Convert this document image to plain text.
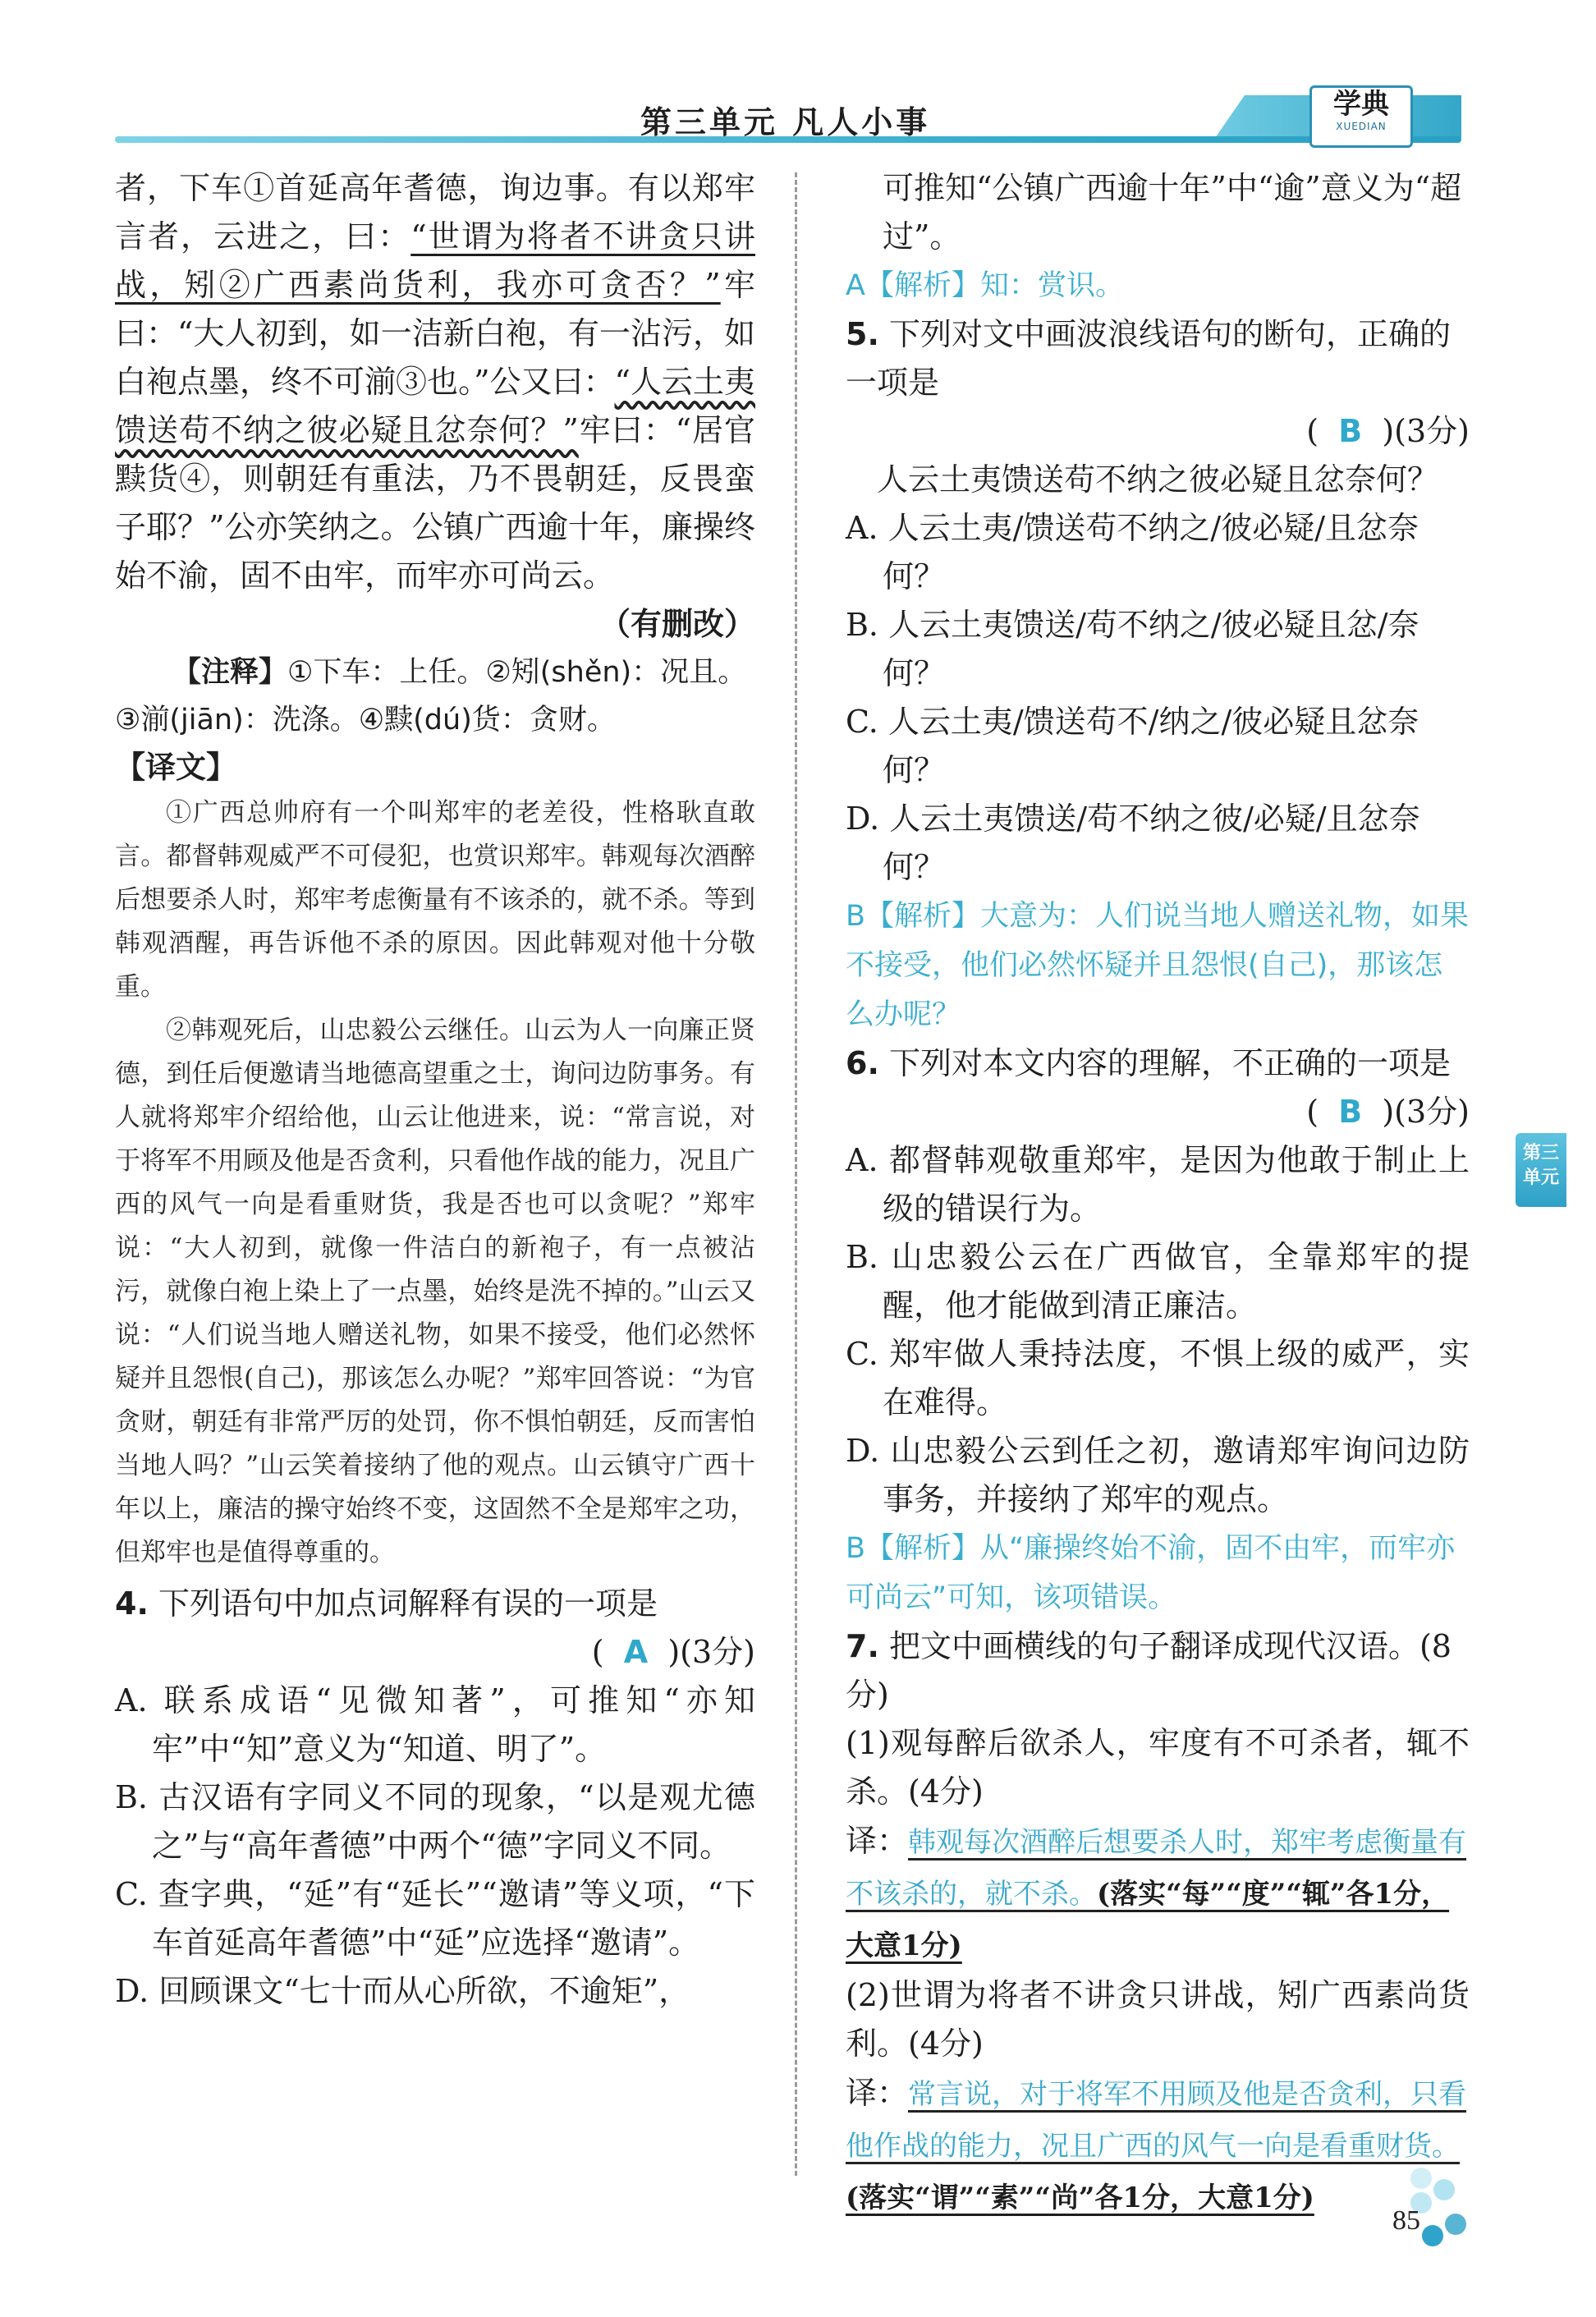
第三单元 凡人小事	学典
XUEDIAN

者，下车①首延高年耆德，询边事。有以郑牢言者，云进之，曰：“世谓为将者不讲贪只讲战，矧②广西素尚货利，我亦可贪否？”牢曰：“大人初到，如一洁新白袍，有一沾污，如白袍点墨，终不可湔③也。”公又曰：“人云土夷馈送苟不纳之彼必疑且忿奈何？”牢曰：“居官黩货④，则朝廷有重法，乃不畏朝廷，反畏蛮子耶？”公亦笑纳之。公镇广西逾十年，廉操终始不渝，固不由牢，而牢亦可尚云。

（有删改）

【注释】①下车：上任。②矧(shěn)：况且。③湔(jiān)：洗涤。④黩(dú)货：贪财。

【译文】

①广西总帅府有一个叫郑牢的老差役，性格耿直敢言。都督韩观威严不可侵犯，也赏识郑牢。韩观每次酒醉后想要杀人时，郑牢考虑衡量有不该杀的，就不杀。等到韩观酒醒，再告诉他不杀的原因。因此韩观对他十分敬重。

②韩观死后，山忠毅公云继任。山云为人一向廉正贤德，到任后便邀请当地德高望重之士，询问边防事务。有人就将郑牢介绍给他，山云让他进来，说：“常言说，对于将军不用顾及他是否贪利，只看他作战的能力，况且广西的风气一向是看重财货，我是否也可以贪呢？”郑牢说：“大人初到，就像一件洁白的新袍子，有一点被沾污，就像白袍上染上了一点墨，始终是洗不掉的。”山云又说：“人们说当地人赠送礼物，如果不接受，他们必然怀疑并且怨恨(自己)，那该怎么办呢？”郑牢回答说：“为官贪财，朝廷有非常严厉的处罚，你不惧怕朝廷，反而害怕当地人吗？”山云笑着接纳了他的观点。山云镇守广西十年以上，廉洁的操守始终不变，这固然不全是郑牢之功，但郑牢也是值得尊重的。

4. 下列语句中加点词解释有误的一项是

(  A  )(3分)

A. 联系成语“见微知著”，可推知“亦知牢”中“知”意义为“知道、明了”。

B. 古汉语有字同义不同的现象，“以是观尤德之”与“高年耆德”中两个“德”字同义不同。

C. 查字典，“延”有“延长”“邀请”等义项，“下车首延高年耆德”中“延”应选择“邀请”。

D. 回顾课文“七十而从心所欲，不逾矩”，

可推知“公镇广西逾十年”中“逾”意义为“超过”。

A【解析】知：赏识。

5. 下列对文中画波浪线语句的断句，正确的一项是

(  B  )(3分)

人云土夷馈送苟不纳之彼必疑且忿奈何？

A. 人云土夷/馈送苟不纳之/彼必疑/且忿奈何？

B. 人云土夷馈送/苟不纳之/彼必疑且忿/奈何？

C. 人云土夷/馈送苟不/纳之/彼必疑且忿奈何？

D. 人云土夷馈送/苟不纳之彼/必疑/且忿奈何？

B【解析】大意为：人们说当地人赠送礼物，如果不接受，他们必然怀疑并且怨恨(自己)，那该怎么办呢？

6. 下列对本文内容的理解，不正确的一项是

(  B  )(3分)

A. 都督韩观敬重郑牢，是因为他敢于制止上级的错误行为。

B. 山忠毅公云在广西做官，全靠郑牢的提醒，他才能做到清正廉洁。

C. 郑牢做人秉持法度，不惧上级的威严，实在难得。

D. 山忠毅公云到任之初，邀请郑牢询问边防事务，并接纳了郑牢的观点。

B【解析】从“廉操终始不渝，固不由牢，而牢亦可尚云”可知，该项错误。

7. 把文中画横线的句子翻译成现代汉语。(8分)

(1)观每醉后欲杀人，牢度有不可杀者，辄不杀。(4分)

译：韩观每次酒醉后想要杀人时，郑牢考虑衡量有不该杀的，就不杀。(落实“每”“度”“辄”各1分，大意1分)

(2)世谓为将者不讲贪只讲战，矧广西素尚货利。(4分)

译：常言说，对于将军不用顾及他是否贪利，只看他作战的能力，况且广西的风气一向是看重财货。(落实“谓”“素”“尚”各1分，大意1分)

第三
单元
85
